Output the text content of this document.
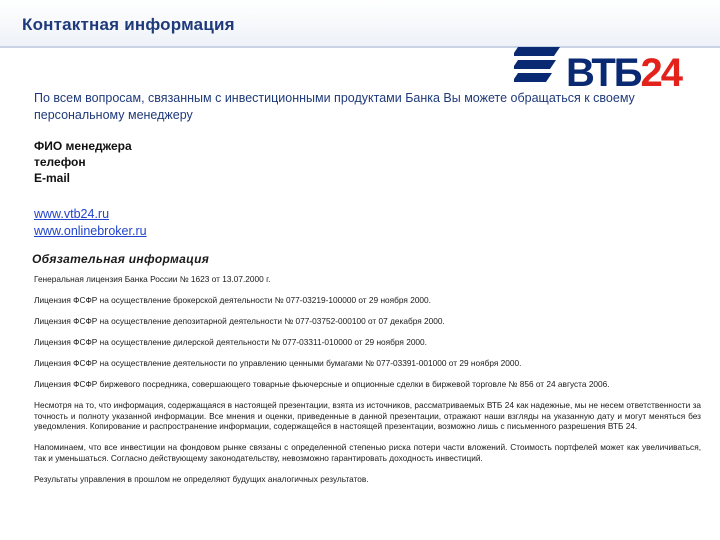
Контактная информация
ВТБ24
По всем вопросам, связанным с инвестиционными продуктами Банка Вы можете обращаться к своему персональному менеджеру
ФИО менеджера
телефон
E-mail
www.vtb24.ru
www.onlinebroker.ru
Обязательная информация

Генеральная лицензия Банка России № 1623 от 13.07.2000 г.

Лицензия ФСФР на осуществление брокерской деятельности № 077-03219-100000 от 29 ноября 2000.

Лицензия ФСФР на осуществление депозитарной деятельности № 077-03752-000100 от 07 декабря 2000.

Лицензия ФСФР на осуществление дилерской деятельности № 077-03311-010000 от 29 ноября 2000.

Лицензия ФСФР на осуществление деятельности по управлению ценными бумагами № 077-03391-001000 от 29 ноября 2000.

Лицензия ФСФР биржевого посредника, совершающего товарные фьючерсные и опционные сделки в биржевой торговле № 856 от 24 августа 2006.

Несмотря на то, что информация, содержащаяся в настоящей презентации, взята из источников, рассматриваемых ВТБ 24 как надежные, мы не несем ответственности за точность и полноту указанной информации. Все мнения и оценки, приведенные в данной презентации, отражают наши взгляды на указанную дату и могут меняться без уведомления. Копирование и распространение информации, содержащейся в настоящей презентации, возможно лишь с письменного разрешения ВТБ 24.

Напоминаем, что все инвестиции на фондовом рынке связаны с определенной степенью риска потери части вложений. Стоимость портфелей может как увеличиваться, так и уменьшаться. Согласно действующему законодательству, невозможно гарантировать доходность инвестиций.

Результаты управления в прошлом не определяют будущих аналогичных результатов.
